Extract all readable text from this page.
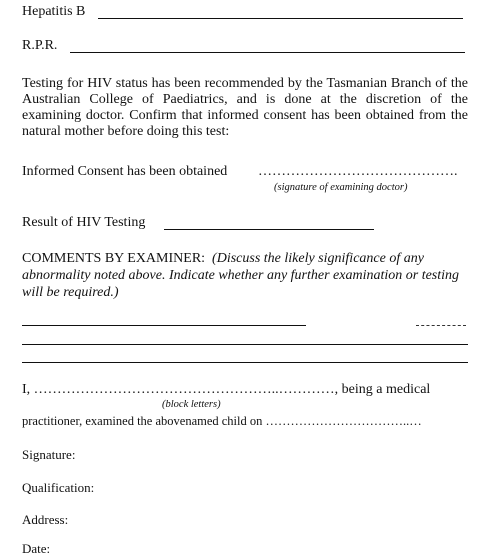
Hepatitis B
R.P.R.
Testing for HIV status has been recommended by the Tasmanian Branch of the Australian College of Paediatrics, and is done at the discretion of the examining doctor. Confirm that informed consent has been obtained from the natural mother before doing this test:
Informed Consent has been obtained …………………………………….
(signature of examining doctor)
Result of HIV Testing
COMMENTS BY EXAMINER: (Discuss the likely significance of any abnormality noted above. Indicate whether any further examination or testing will be required.)
I, ……………………………………………..…………, being a medical
(block letters)
practitioner, examined the abovenamed child on ……………………………..…
Signature:
Qualification:
Address:
Date:
